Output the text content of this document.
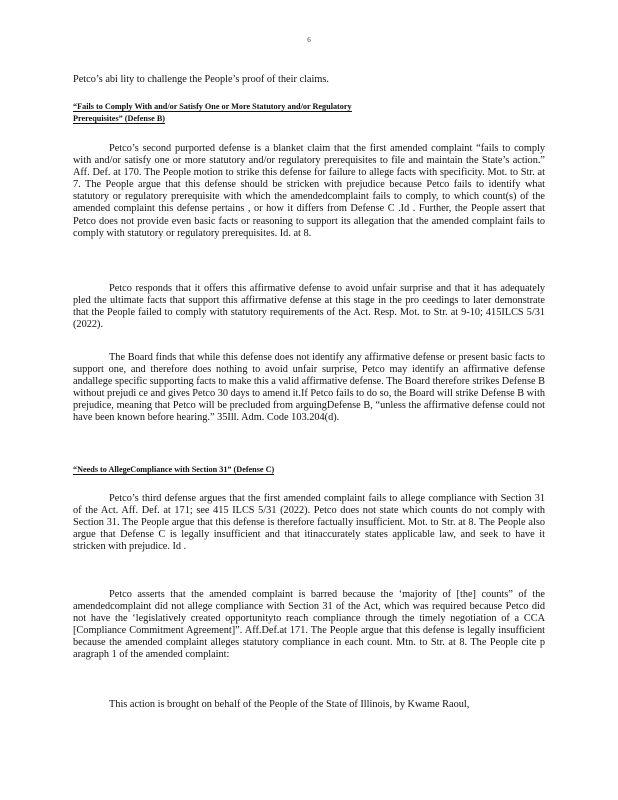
6
Petco’s abi lity to challenge the People’s proof of their claims.
“Fails to Comply With and/or Satisfy One or More Statutory and/or Regulatory
Prerequisites” (Defense B)
Petco’s second purported defense is a blanket claim that the first amended complaint “fails to comply with and/or satisfy one or more statutory and/or regulatory prerequisites to file and maintain the State’s action.” Aff. Def. at 170. The People motion to strike this defense for failure to allege facts with specificity. Mot. to Str. at 7. The People argue that this defense should be stricken with prejudice because Petco fails to identify what statutory or regulatory prerequisite with which the amendedcomplaint fails to comply, to which count(s) of the amended complaint this defense pertains , or how it differs from Defense C .Id . Further, the People assert that Petco does not provide even basic facts or reasoning to support its allegation that the amended complaint fails to comply with statutory or regulatory prerequisites. Id. at 8.
Petco responds that it offers this affirmative defense to avoid unfair surprise and that it has adequately pled the ultimate facts that support this affirmative defense at this stage in the pro ceedings to later demonstrate that the People failed to comply with statutory requirements of the Act. Resp. Mot. to Str. at 9-10; 415ILCS 5/31 (2022).
The Board finds that while this defense does not identify any affirmative defense or present basic facts to support one, and therefore does nothing to avoid unfair surprise, Petco may identify an affirmative defense andallege specific supporting facts to make this a valid affirmative defense. The Board therefore strikes Defense B without prejudi ce and gives Petco 30 days to amend it.If Petco fails to do so, the Board will strike Defense B with prejudice, meaning that Petco will be precluded from arguingDefense B, “unless the affirmative defense could not have been known before hearing.” 35Ill. Adm. Code 103.204(d).
“Needs to AllegeCompliance with Section 31” (Defense C)
Petco’s third defense argues that the first amended complaint fails to allege compliance with Section 31 of the Act. Aff. Def. at 171; see 415 ILCS 5/31 (2022). Petco does not state which counts do not comply with Section 31. The People argue that this defense is therefore factually insufficient. Mot. to Str. at 8. The People also argue that Defense C is legally insufficient and that itinaccurately states applicable law, and seek to have it stricken with prejudice. Id .
Petco asserts that the amended complaint is barred because the ‘majority of [the] counts” of the amendedcomplaint did not allege compliance with Section 31 of the Act, which was required because Petco did not have the ‘legislatively created opportunityto reach compliance through the timely negotiation of a CCA [Compliance Commitment Agreement]”. Aff.Def.at 171. The People argue that this defense is legally insufficient because the amended complaint alleges statutory compliance in each count. Mtn. to Str. at 8. The People cite p aragraph 1 of the amended complaint:
This action is brought on behalf of the People of the State of Illinois, by Kwame Raoul,
